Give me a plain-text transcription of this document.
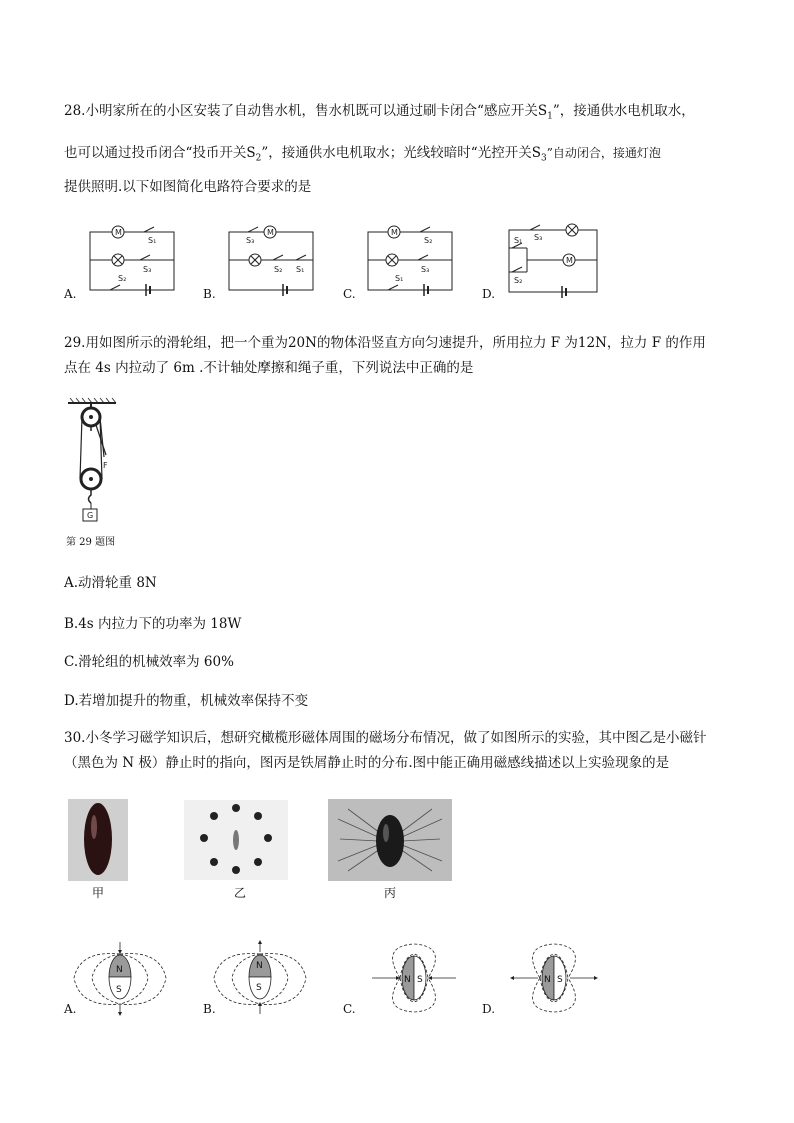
28.小明家所在的小区安装了自动售水机，售水机既可以通过刷卡闭合“感应开关$S_1$”，接通供水电机取水，
也可以通过投币闭合“投币开关$S_2$”，接通供水电机取水；光线较暗时“光控开关$S_3$”自动闭合，接通灯泡
提供照明.以下如图简化电路符合要求的是
M
S₁
S₃
S₂
S₃
M
S₂ S₁
M
S₂
S₃
S₁
S₁ S₃
M
S₂
A.	B.	C.	D.
29.用如图所示的滑轮组，把一个重为20N的物体沿竖直方向匀速提升，所用拉力 F 为12N，拉力 F 的作用
点在 4s 内拉动了 6m .不计轴处摩擦和绳子重，下列说法中正确的是
F
G
第 29 题图
A.动滑轮重 8N
B.4s 内拉力下的功率为 18W
C.滑轮组的机械效率为 60%
D.若增加提升的物重，机械效率保持不变
30.小冬学习磁学知识后，想研究橄榄形磁体周围的磁场分布情况，做了如图所示的实验，其中图乙是小磁针
（黑色为 N 极）静止时的指向，图丙是铁屑静止时的分布.图中能正确用磁感线描述以上实验现象的是
甲	乙	丙
N
S
N
S
N S	N S
A.	B.	C.	D.
